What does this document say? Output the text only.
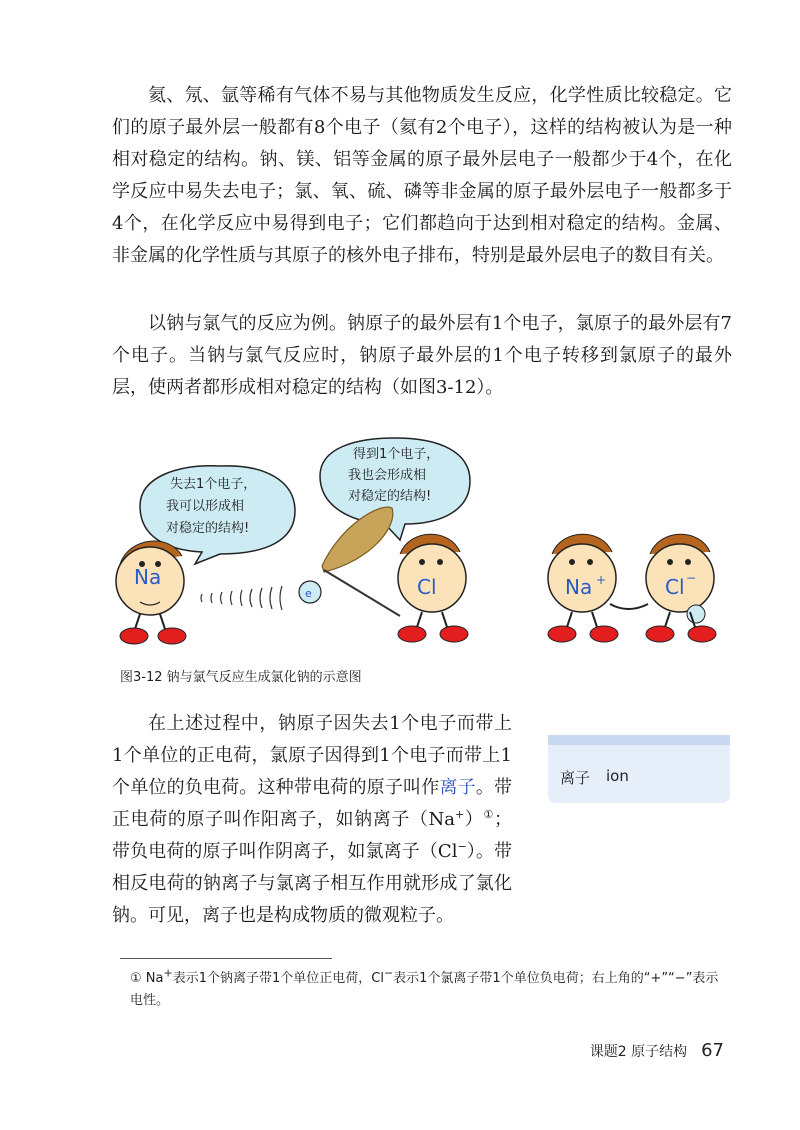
氦、氖、氩等稀有气体不易与其他物质发生反应，化学性质比较稳定。它们的原子最外层一般都有8个电子（氦有2个电子），这样的结构被认为是一种相对稳定的结构。钠、镁、铝等金属的原子最外层电子一般都少于4个，在化学反应中易失去电子；氯、氧、硫、磷等非金属的原子最外层电子一般都多于4个，在化学反应中易得到电子；它们都趋向于达到相对稳定的结构。金属、非金属的化学性质与其原子的核外电子排布，特别是最外层电子的数目有关。

以钠与氯气的反应为例。钠原子的最外层有1个电子，氯原子的最外层有7个电子。当钠与氯气反应时，钠原子最外层的1个电子转移到氯原子的最外层，使两者都形成相对稳定的结构（如图3-12）。

失去1个电子，
我可以形成相
对稳定的结构!
得到1个电子，
我也会形成相
对稳定的结构!
Na
e	Cl	Na +	Cl −
图3-12 钠与氯气反应生成氯化钠的示意图

在上述过程中，钠原子因失去1个电子而带上1个单位的正电荷，氯原子因得到1个电子而带上1个单位的负电荷。这种带电荷的原子叫作离子。带正电荷的原子叫作阳离子，如钠离子（Na+）①；带负电荷的原子叫作阴离子，如氯离子（Cl−）。带相反电荷的钠离子与氯离子相互作用就形成了氯化钠。可见，离子也是构成物质的微观粒子。

离子 ion

① Na+表示1个钠离子带1个单位正电荷，Cl−表示1个氯离子带1个单位负电荷；右上角的“+”“−”表示电性。

课题2 原子结构 67
